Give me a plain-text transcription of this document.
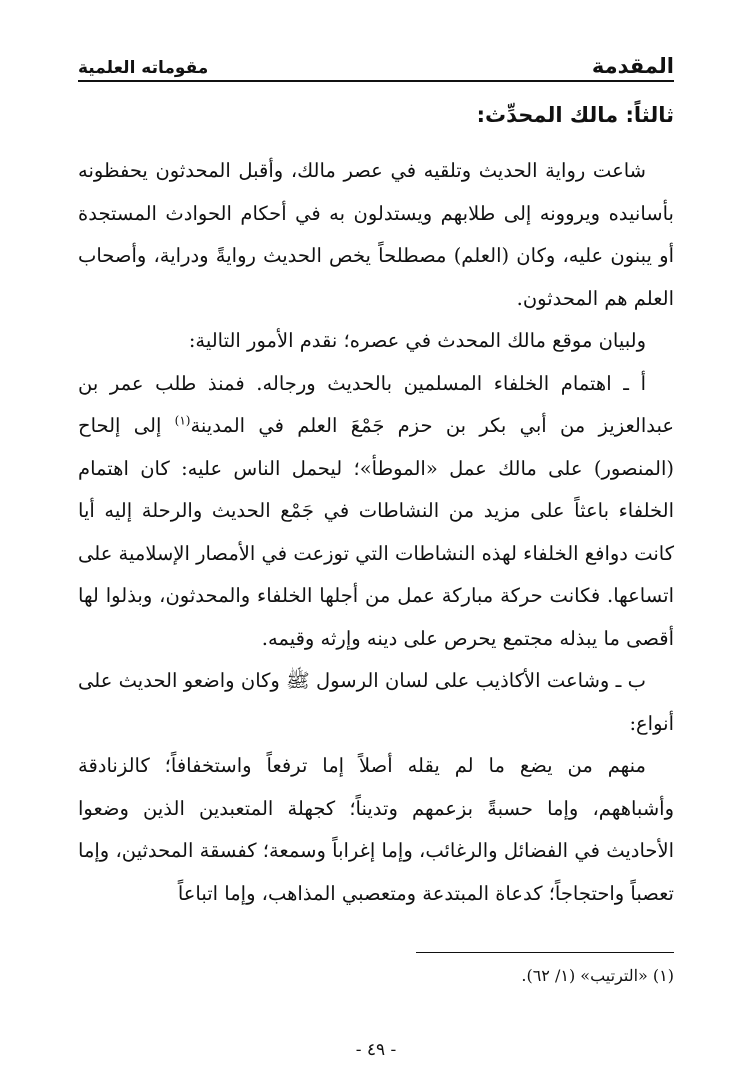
المقدمة
مقوماته العلمية
ثالثاً: مالك المحدِّث:

شاعت رواية الحديث وتلقيه في عصر مالك، وأقبل المحدثون يحفظونه بأسانيده ويروونه إلى طلابهم ويستدلون به في أحكام الحوادث المستجدة أو يبنون عليه، وكان (العلم) مصطلحاً يخص الحديث روايةً ودراية، وأصحاب العلم هم المحدثون.

ولبيان موقع مالك المحدث في عصره؛ نقدم الأمور التالية:

أ ـ اهتمام الخلفاء المسلمين بالحديث ورجاله. فمنذ طلب عمر بن عبدالعزيز من أبي بكر بن حزم جَمْعَ العلم في المدينة$^{(١)}$ إلى إلحاح (المنصور) على مالك عمل «الموطأ»؛ ليحمل الناس عليه: كان اهتمام الخلفاء باعثاً على مزيد من النشاطات في جَمْع الحديث والرحلة إليه أيا كانت دوافع الخلفاء لهذه النشاطات التي توزعت في الأمصار الإسلامية على اتساعها. فكانت حركة مباركة عمل من أجلها الخلفاء والمحدثون، وبذلوا لها أقصى ما يبذله مجتمع يحرص على دينه وإرثه وقيمه.

ب ـ وشاعت الأكاذيب على لسان الرسول ﷺ وكان واضعو الحديث على أنواع:

منهم من يضع ما لم يقله أصلاً إما ترفعاً واستخفافاً؛ كالزنادقة وأشباههم، وإما حسبةً بزعمهم وتديناً؛ كجهلة المتعبدين الذين وضعوا الأحاديث في الفضائل والرغائب، وإما إغراباً وسمعة؛ كفسقة المحدثين، وإما تعصباً واحتجاجاً؛ كدعاة المبتدعة ومتعصبي المذاهب، وإما اتباعاً

(١) «الترتيب» (١/ ٦٢).
- ٤٩ -
